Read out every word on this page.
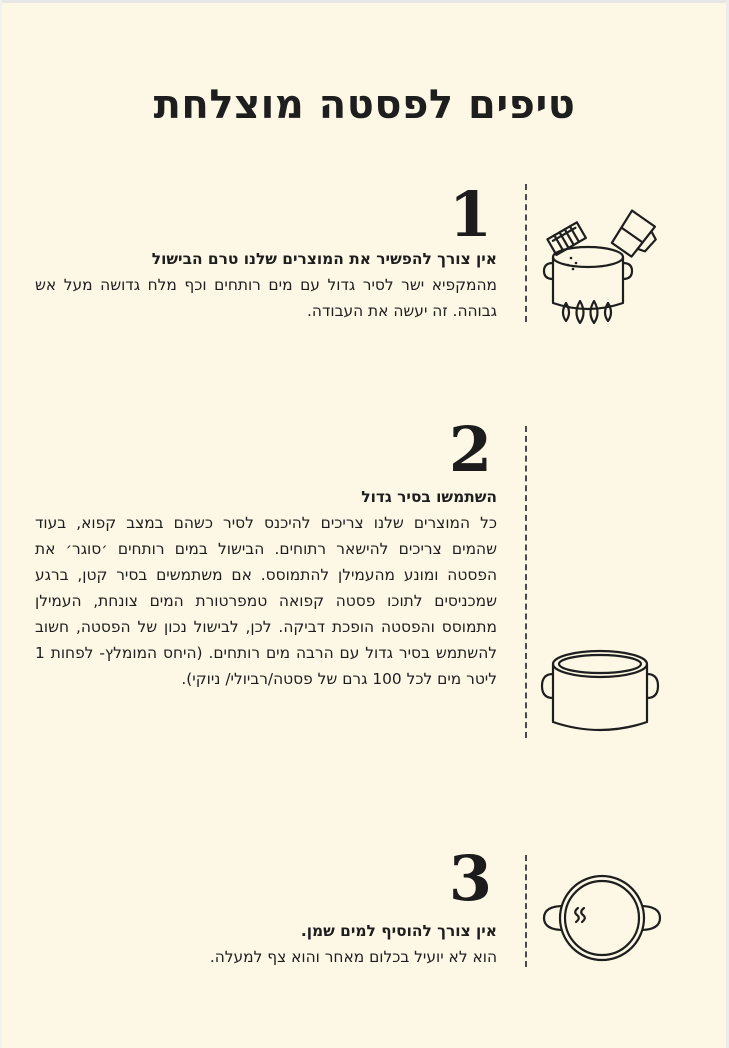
טיפים לפסטה מוצלחת
1

אין צורך להפשיר את המוצרים שלנו טרם הבישול

מהמקפיא ישר לסיר גדול עם מים רותחים וכף מלח גדושה מעל אש גבוהה. זה יעשה את העבודה.

2

השתמשו בסיר גדול

כל המוצרים שלנו צריכים להיכנס לסיר כשהם במצב קפוא, בעוד שהמים צריכים להישאר רתוחים. הבישול במים רותחים ׳סוגר׳ את הפסטה ומונע מהעמילן להתמוסס. אם משתמשים בסיר קטן, ברגע שמכניסים לתוכו פסטה קפואה טמפרטורת המים צונחת, העמילן מתמוסס והפסטה הופכת דביקה. לכן, לבישול נכון של הפסטה, חשוב להשתמש בסיר גדול עם הרבה מים רותחים. (היחס המומלץ- לפחות 1 ליטר מים לכל 100 גרם של פסטה/רביולי/ ניוקי).

3

אין צורך להוסיף למים שמן.

הוא לא יועיל בכלום מאחר והוא צף למעלה.
